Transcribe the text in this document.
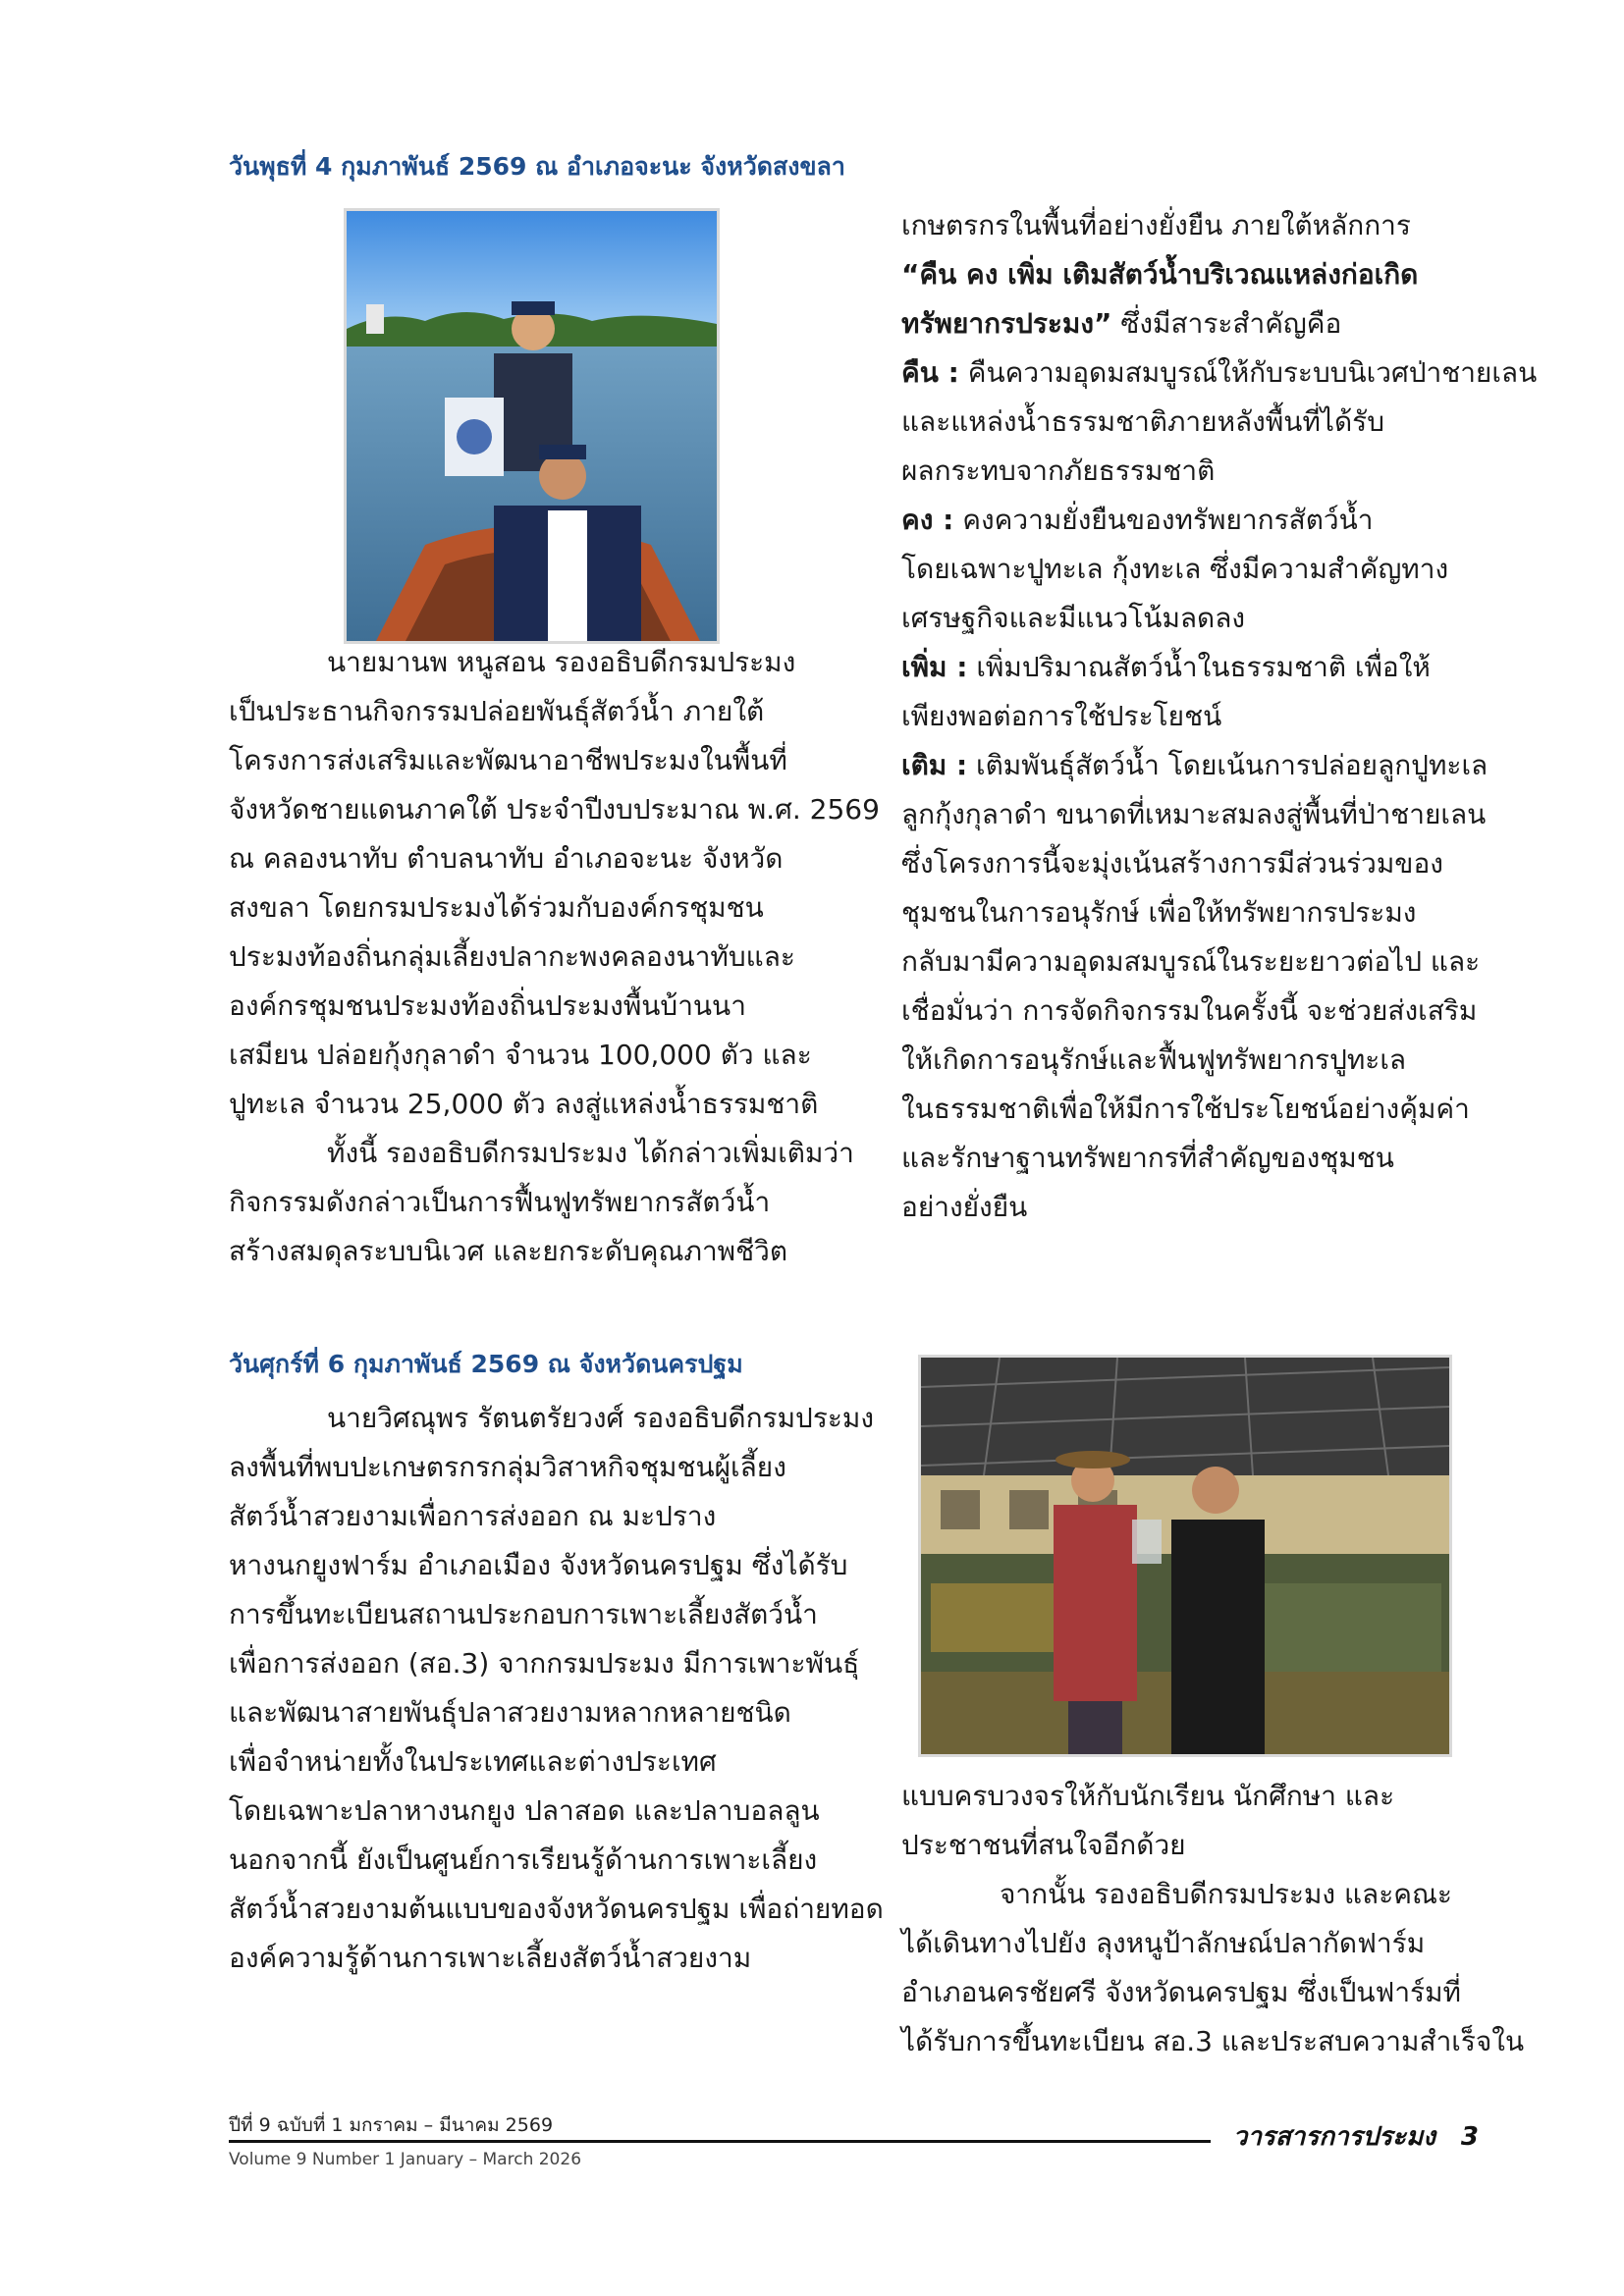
วันพุธที่ 4 กุมภาพันธ์ 2569 ณ อำเภอจะนะ จังหวัดสงขลา

นายมานพ หนูสอน รองอธิบดีกรมประมง

เป็นประธานกิจกรรมปล่อยพันธุ์สัตว์น้ำ ภายใต้

โครงการส่งเสริมและพัฒนาอาชีพประมงในพื้นที่

จังหวัดชายแดนภาคใต้ ประจำปีงบประมาณ พ.ศ. 2569

ณ คลองนาทับ ตำบลนาทับ อำเภอจะนะ จังหวัด

สงขลา โดยกรมประมงได้ร่วมกับองค์กรชุมชน

ประมงท้องถิ่นกลุ่มเลี้ยงปลากะพงคลองนาทับและ

องค์กรชุมชนประมงท้องถิ่นประมงพื้นบ้านนา

เสมียน ปล่อยกุ้งกุลาดำ จำนวน 100,000 ตัว และ

ปูทะเล จำนวน 25,000 ตัว ลงสู่แหล่งน้ำธรรมชาติ

ทั้งนี้ รองอธิบดีกรมประมง ได้กล่าวเพิ่มเติมว่า

กิจกรรมดังกล่าวเป็นการฟื้นฟูทรัพยากรสัตว์น้ำ

สร้างสมดุลระบบนิเวศ และยกระดับคุณภาพชีวิต

เกษตรกรในพื้นที่อย่างยั่งยืน ภายใต้หลักการ

“คืน คง เพิ่ม เติมสัตว์น้ำบริเวณแหล่งก่อเกิด

ทรัพยากรประมง” ซึ่งมีสาระสำคัญคือ

คืน : คืนความอุดมสมบูรณ์ให้กับระบบนิเวศป่าชายเลน

และแหล่งน้ำธรรมชาติภายหลังพื้นที่ได้รับ

ผลกระทบจากภัยธรรมชาติ

คง : คงความยั่งยืนของทรัพยากรสัตว์น้ำ

โดยเฉพาะปูทะเล กุ้งทะเล ซึ่งมีความสำคัญทาง

เศรษฐกิจและมีแนวโน้มลดลง

เพิ่ม : เพิ่มปริมาณสัตว์น้ำในธรรมชาติ เพื่อให้

เพียงพอต่อการใช้ประโยชน์

เติม : เติมพันธุ์สัตว์น้ำ โดยเน้นการปล่อยลูกปูทะเล

ลูกกุ้งกุลาดำ ขนาดที่เหมาะสมลงสู่พื้นที่ป่าชายเลน

ซึ่งโครงการนี้จะมุ่งเน้นสร้างการมีส่วนร่วมของ

ชุมชนในการอนุรักษ์ เพื่อให้ทรัพยากรประมง

กลับมามีความอุดมสมบูรณ์ในระยะยาวต่อไป และ

เชื่อมั่นว่า การจัดกิจกรรมในครั้งนี้ จะช่วยส่งเสริม

ให้เกิดการอนุรักษ์และฟื้นฟูทรัพยากรปูทะเล

ในธรรมชาติเพื่อให้มีการใช้ประโยชน์อย่างคุ้มค่า

และรักษาฐานทรัพยากรที่สำคัญของชุมชน

อย่างยั่งยืน

วันศุกร์ที่ 6 กุมภาพันธ์ 2569 ณ จังหวัดนครปฐม

นายวิศณุพร รัตนตรัยวงศ์ รองอธิบดีกรมประมง

ลงพื้นที่พบปะเกษตรกรกลุ่มวิสาหกิจชุมชนผู้เลี้ยง

สัตว์น้ำสวยงามเพื่อการส่งออก ณ มะปราง

หางนกยูงฟาร์ม อำเภอเมือง จังหวัดนครปฐม ซึ่งได้รับ

การขึ้นทะเบียนสถานประกอบการเพาะเลี้ยงสัตว์น้ำ

เพื่อการส่งออก (สอ.3) จากกรมประมง มีการเพาะพันธุ์

และพัฒนาสายพันธุ์ปลาสวยงามหลากหลายชนิด

เพื่อจำหน่ายทั้งในประเทศและต่างประเทศ

โดยเฉพาะปลาหางนกยูง ปลาสอด และปลาบอลลูน

นอกจากนี้ ยังเป็นศูนย์การเรียนรู้ด้านการเพาะเลี้ยง

สัตว์น้ำสวยงามต้นแบบของจังหวัดนครปฐม เพื่อถ่ายทอด

องค์ความรู้ด้านการเพาะเลี้ยงสัตว์น้ำสวยงาม

แบบครบวงจรให้กับนักเรียน นักศึกษา และ

ประชาชนที่สนใจอีกด้วย

จากนั้น รองอธิบดีกรมประมง และคณะ

ได้เดินทางไปยัง ลุงหนูป้าลักษณ์ปลากัดฟาร์ม

อำเภอนครชัยศรี จังหวัดนครปฐม ซึ่งเป็นฟาร์มที่

ได้รับการขึ้นทะเบียน สอ.3 และประสบความสำเร็จใน

ปีที่ 9 ฉบับที่ 1 มกราคม – มีนาคม 2569
Volume 9 Number 1 January – March 2026
วารสารการประมง 3
